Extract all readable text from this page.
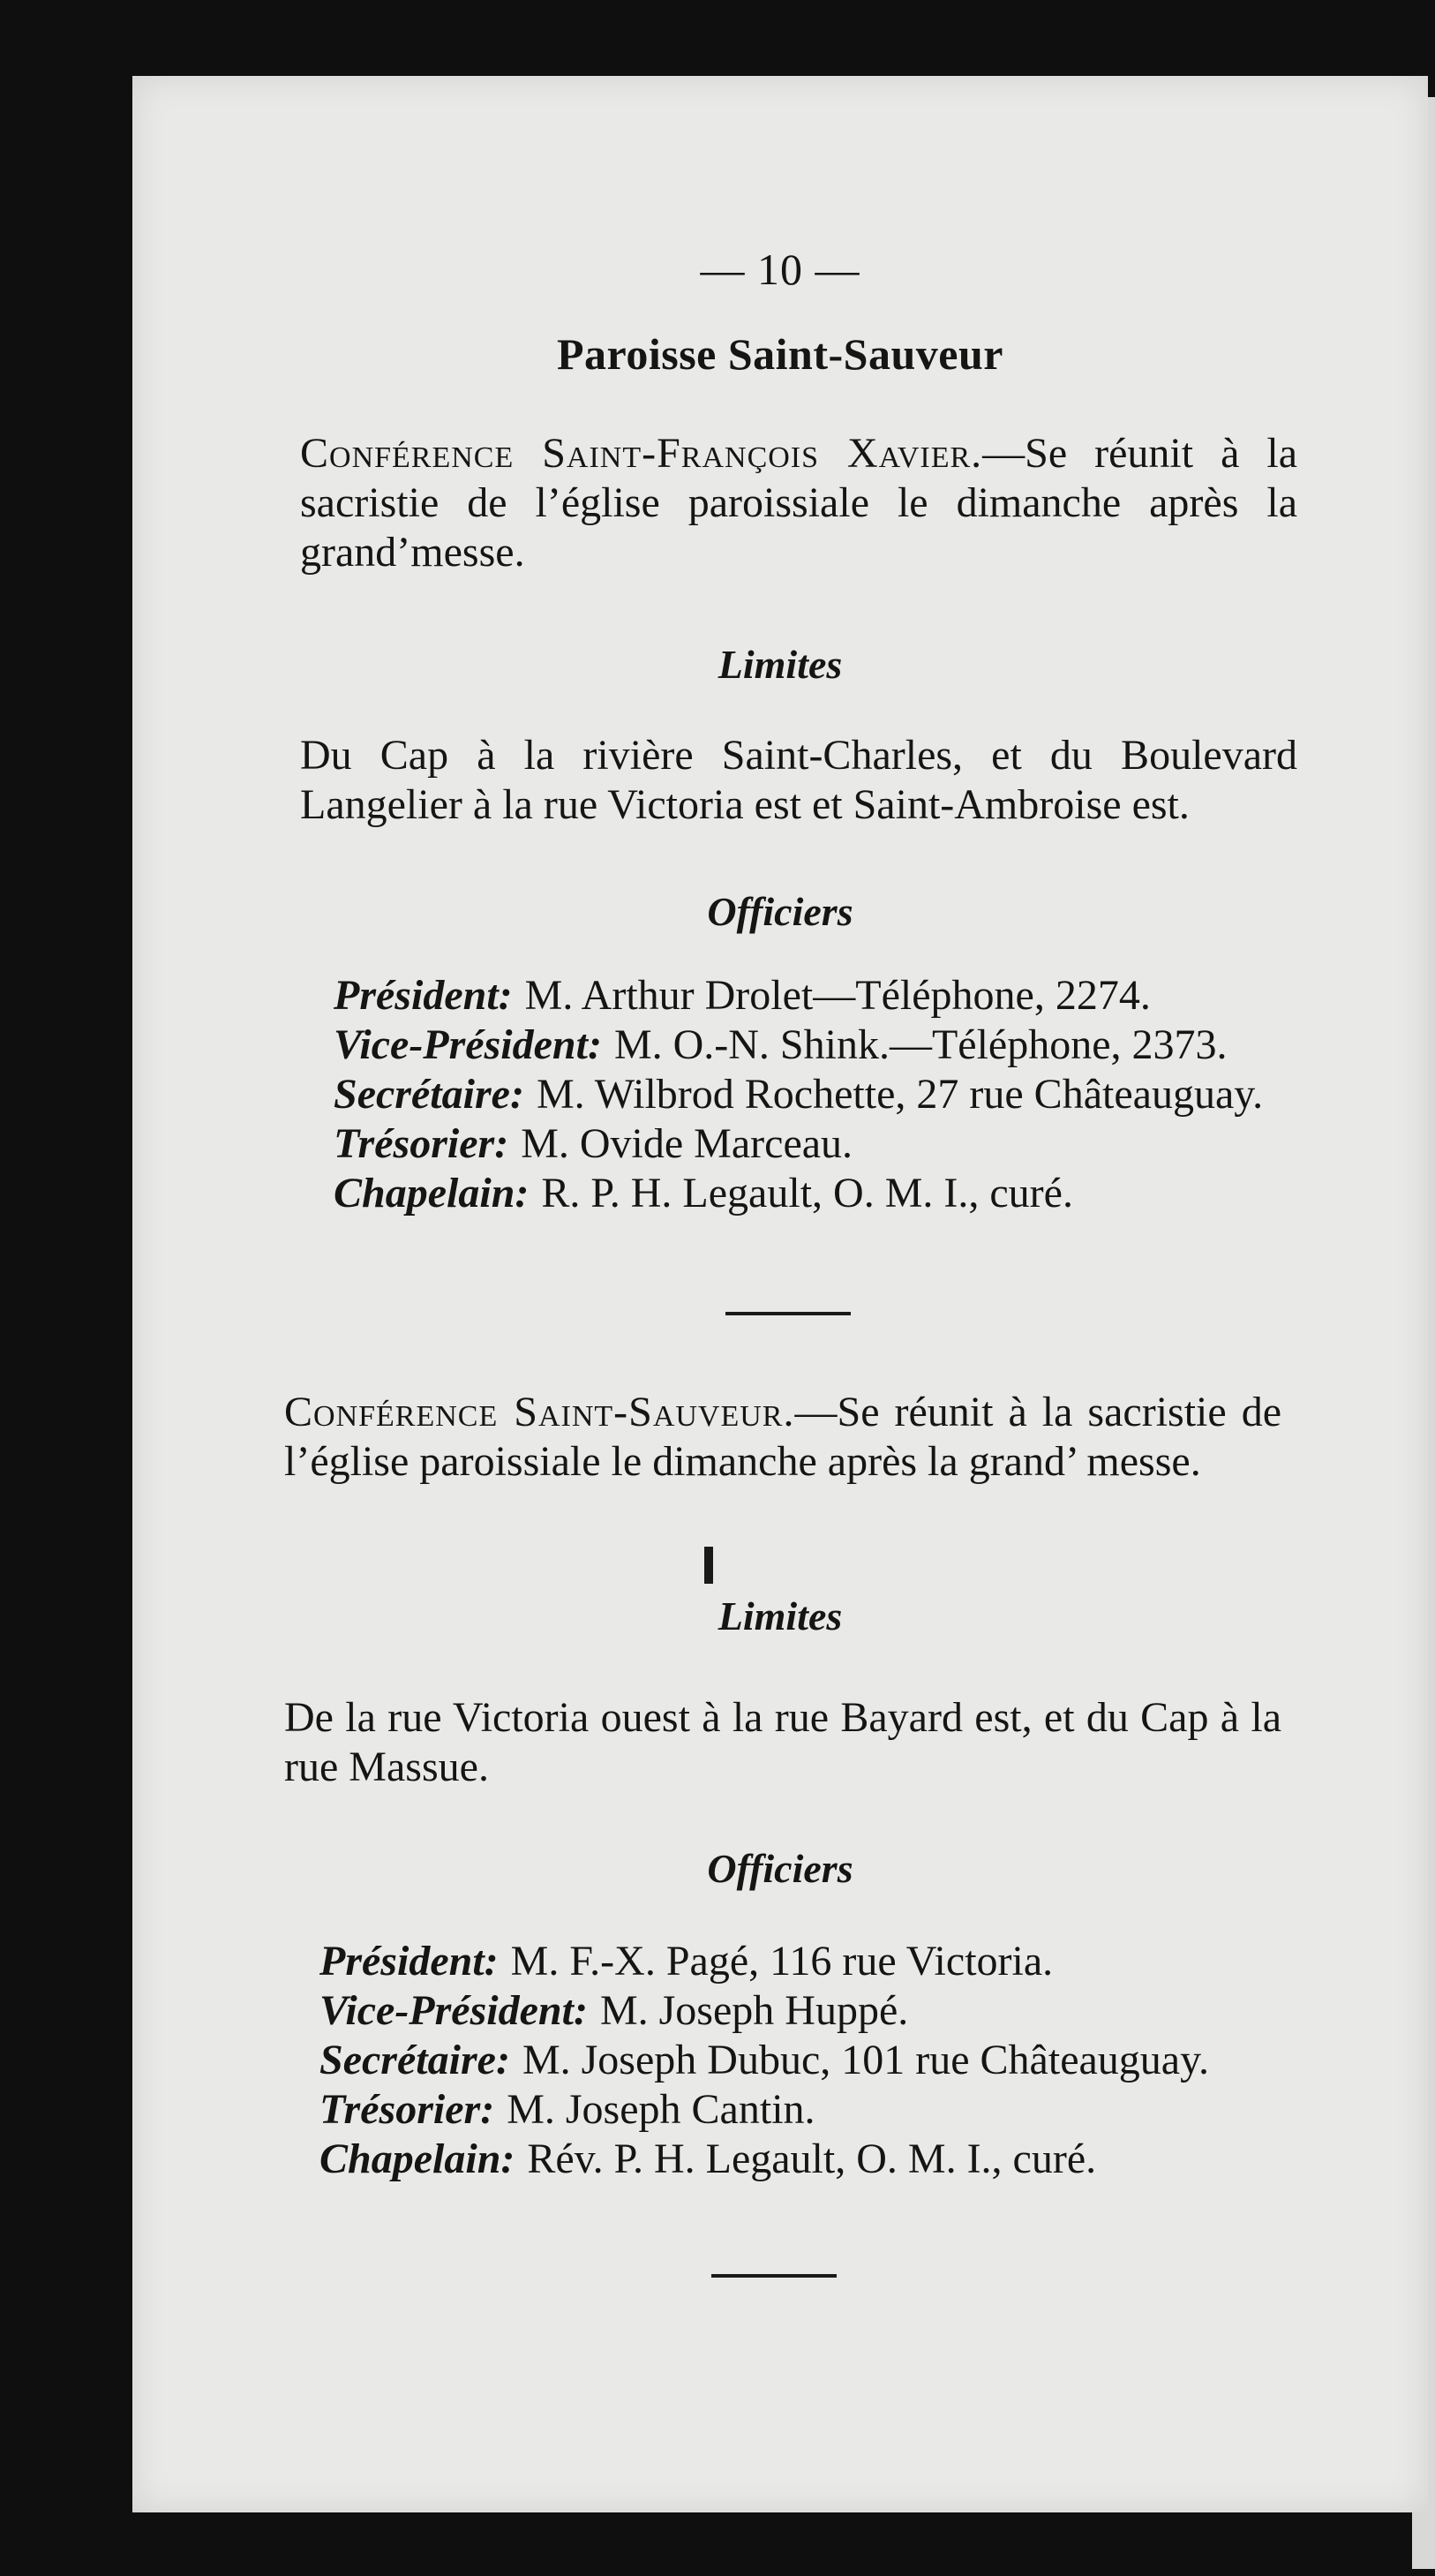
— 10 —
Paroisse Saint-Sauveur
Conférence Saint-François Xavier.—Se réunit à la sacristie de l’église paroissiale le dimanche après la grand’messe.
Limites
Du Cap à la rivière Saint-Charles, et du Boulevard Langelier à la rue Victoria est et Saint-Ambroise est.
Officiers
Président: M. Arthur Drolet—Téléphone, 2274.
Vice-Président: M. O.-N. Shink.—Téléphone, 2373.
Secrétaire: M. Wilbrod Rochette, 27 rue Châteauguay.
Trésorier: M. Ovide Marceau.
Chapelain: R. P. H. Legault, O. M. I., curé.
Conférence Saint-Sauveur.—Se réunit à la sacristie de l’église paroissiale le dimanche après la grand’ messe.
Limites
De la rue Victoria ouest à la rue Bayard est, et du Cap à la rue Massue.
Officiers
Président: M. F.-X. Pagé, 116 rue Victoria.
Vice-Président: M. Joseph Huppé.
Secrétaire: M. Joseph Dubuc, 101 rue Châteauguay.
Trésorier: M. Joseph Cantin.
Chapelain: Rév. P. H. Legault, O. M. I., curé.
